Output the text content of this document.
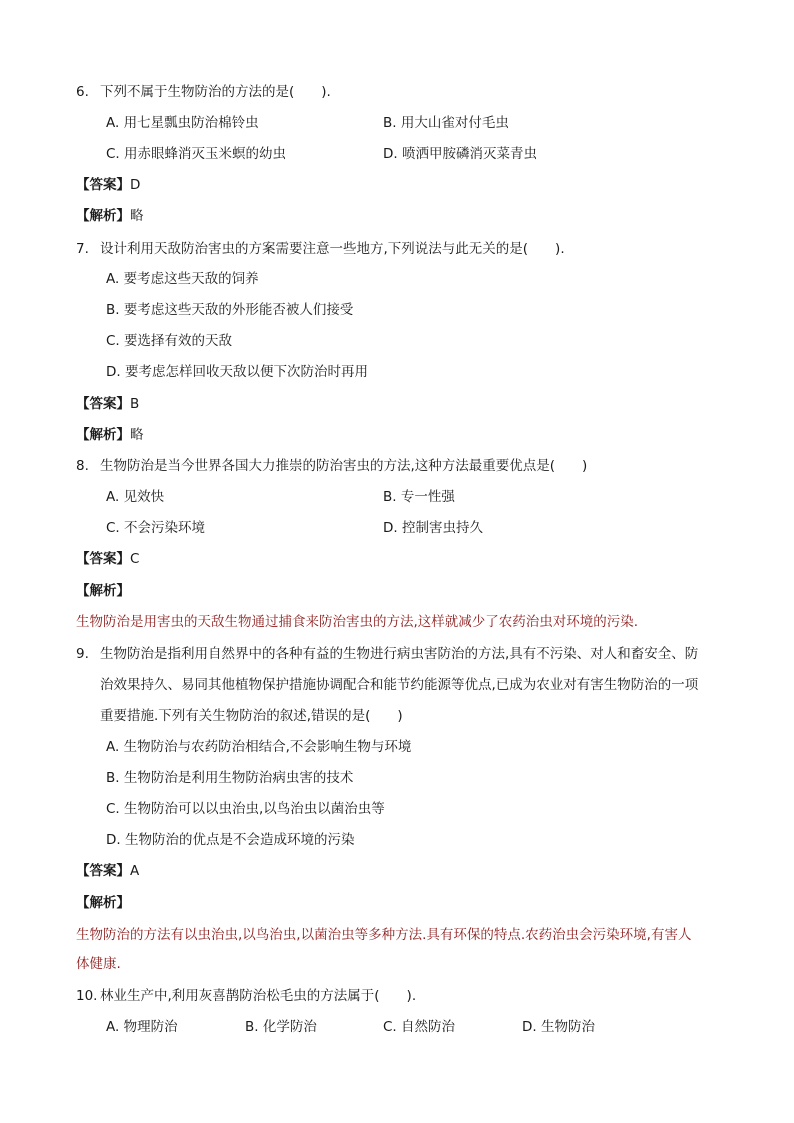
6. 下列不属于生物防治的方法的是(　　).
A. 用七星瓢虫防治棉铃虫	B. 用大山雀对付毛虫
C. 用赤眼蜂消灭玉米螟的幼虫	D. 喷洒甲胺磷消灭菜青虫
【答案】D
【解析】略
7. 设计利用天敌防治害虫的方案需要注意一些地方,下列说法与此无关的是(　　).
A. 要考虑这些天敌的饲养
B. 要考虑这些天敌的外形能否被人们接受
C. 要选择有效的天敌
D. 要考虑怎样回收天敌以便下次防治时再用
【答案】B
【解析】略
8. 生物防治是当今世界各国大力推崇的防治害虫的方法,这种方法最重要优点是(　　)
A. 见效快	B. 专一性强
C. 不会污染环境	D. 控制害虫持久
【答案】C
【解析】
生物防治是用害虫的天敌生物通过捕食来防治害虫的方法,这样就减少了农药治虫对环境的污染.
9. 生物防治是指利用自然界中的各种有益的生物进行病虫害防治的方法,具有不污染、对人和畜安全、防
治效果持久、易同其他植物保护措施协调配合和能节约能源等优点,已成为农业对有害生物防治的一项
重要措施.下列有关生物防治的叙述,错误的是(　　)
A. 生物防治与农药防治相结合,不会影响生物与环境
B. 生物防治是利用生物防治病虫害的技术
C. 生物防治可以以虫治虫,以鸟治虫以菌治虫等
D. 生物防治的优点是不会造成环境的污染
【答案】A
【解析】
生物防治的方法有以虫治虫,以鸟治虫,以菌治虫等多种方法.具有环保的特点.农药治虫会污染环境,有害人
体健康.
10. 林业生产中,利用灰喜鹊防治松毛虫的方法属于(　　).
A. 物理防治	B. 化学防治	C. 自然防治	D. 生物防治
